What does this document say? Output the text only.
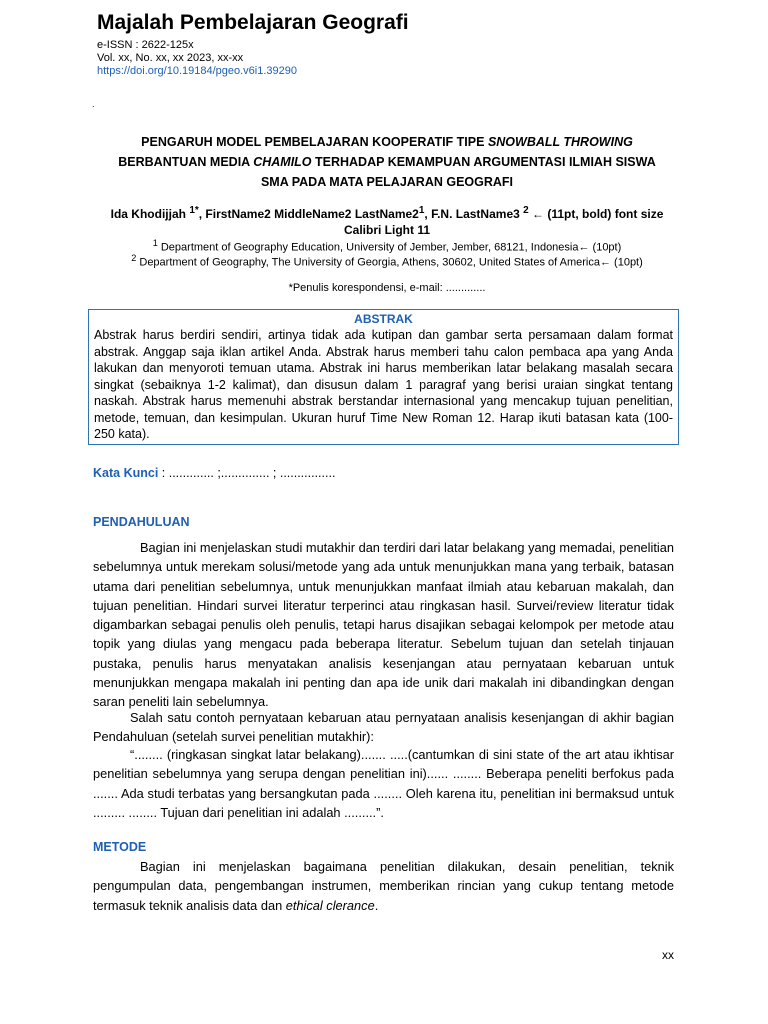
Majalah Pembelajaran Geografi
e-ISSN : 2622-125x
Vol. xx, No. xx, xx 2023, xx-xx
https://doi.org/10.19184/pgeo.v6i1.39290
.
PENGARUH MODEL PEMBELAJARAN KOOPERATIF TIPE SNOWBALL THROWING
BERBANTUAN MEDIA CHAMILO TERHADAP KEMAMPUAN ARGUMENTASI ILMIAH SISWA
SMA PADA MATA PELAJARAN GEOGRAFI
Ida Khodijjah $^{1*}$, FirstName2 MiddleName2 $LastName2^1$, F.N. LastName3 $^2$ ← (11pt, bold) font size
Calibri Light 11
$^1$ Department of Geography Education, University of Jember, Jember, 68121, Indonesia← (10pt)
$^2$ Department of Geography, The University of Georgia, Athens, 30602, United States of America← (10pt)
*Penulis korespondensi, e-mail: .............
ABSTRAK

Abstrak harus berdiri sendiri, artinya tidak ada kutipan dan gambar serta persamaan dalam format abstrak. Anggap saja iklan artikel Anda. Abstrak harus memberi tahu calon pembaca apa yang Anda lakukan dan menyoroti temuan utama. Abstrak ini harus memberikan latar belakang masalah secara singkat (sebaiknya 1-2 kalimat), dan disusun dalam 1 paragraf yang berisi uraian singkat tentang naskah. Abstrak harus memenuhi abstrak berstandar internasional yang mencakup tujuan penelitian, metode, temuan, dan kesimpulan. Ukuran huruf Time New Roman 12. Harap ikuti batasan kata (100-250 kata).

Kata Kunci : ............. ;.............. ; ................
PENDAHULUAN

Bagian ini menjelaskan studi mutakhir dan terdiri dari latar belakang yang memadai, penelitian sebelumnya untuk merekam solusi/metode yang ada untuk menunjukkan mana yang terbaik, batasan utama dari penelitian sebelumnya, untuk menunjukkan manfaat ilmiah atau kebaruan makalah, dan tujuan penelitian. Hindari survei literatur terperinci atau ringkasan hasil. Survei/review literatur tidak digambarkan sebagai penulis oleh penulis, tetapi harus disajikan sebagai kelompok per metode atau topik yang diulas yang mengacu pada beberapa literatur. Sebelum tujuan dan setelah tinjauan pustaka, penulis harus menyatakan analisis kesenjangan atau pernyataan kebaruan untuk menunjukkan mengapa makalah ini penting dan apa ide unik dari makalah ini dibandingkan dengan saran peneliti lain sebelumnya.

Salah satu contoh pernyataan kebaruan atau pernyataan analisis kesenjangan di akhir bagian Pendahuluan (setelah survei penelitian mutakhir):

“........ (ringkasan singkat latar belakang)....... .....(cantumkan di sini state of the art atau ikhtisar penelitian sebelumnya yang serupa dengan penelitian ini)...... ........ Beberapa peneliti berfokus pada ....... Ada studi terbatas yang bersangkutan pada ........ Oleh karena itu, penelitian ini bermaksud untuk ......... ........ Tujuan dari penelitian ini adalah .........”.

METODE

Bagian ini menjelaskan bagaimana penelitian dilakukan, desain penelitian, teknik pengumpulan data, pengembangan instrumen, memberikan rincian yang cukup tentang metode termasuk teknik analisis data dan ethical clerance.

xx
